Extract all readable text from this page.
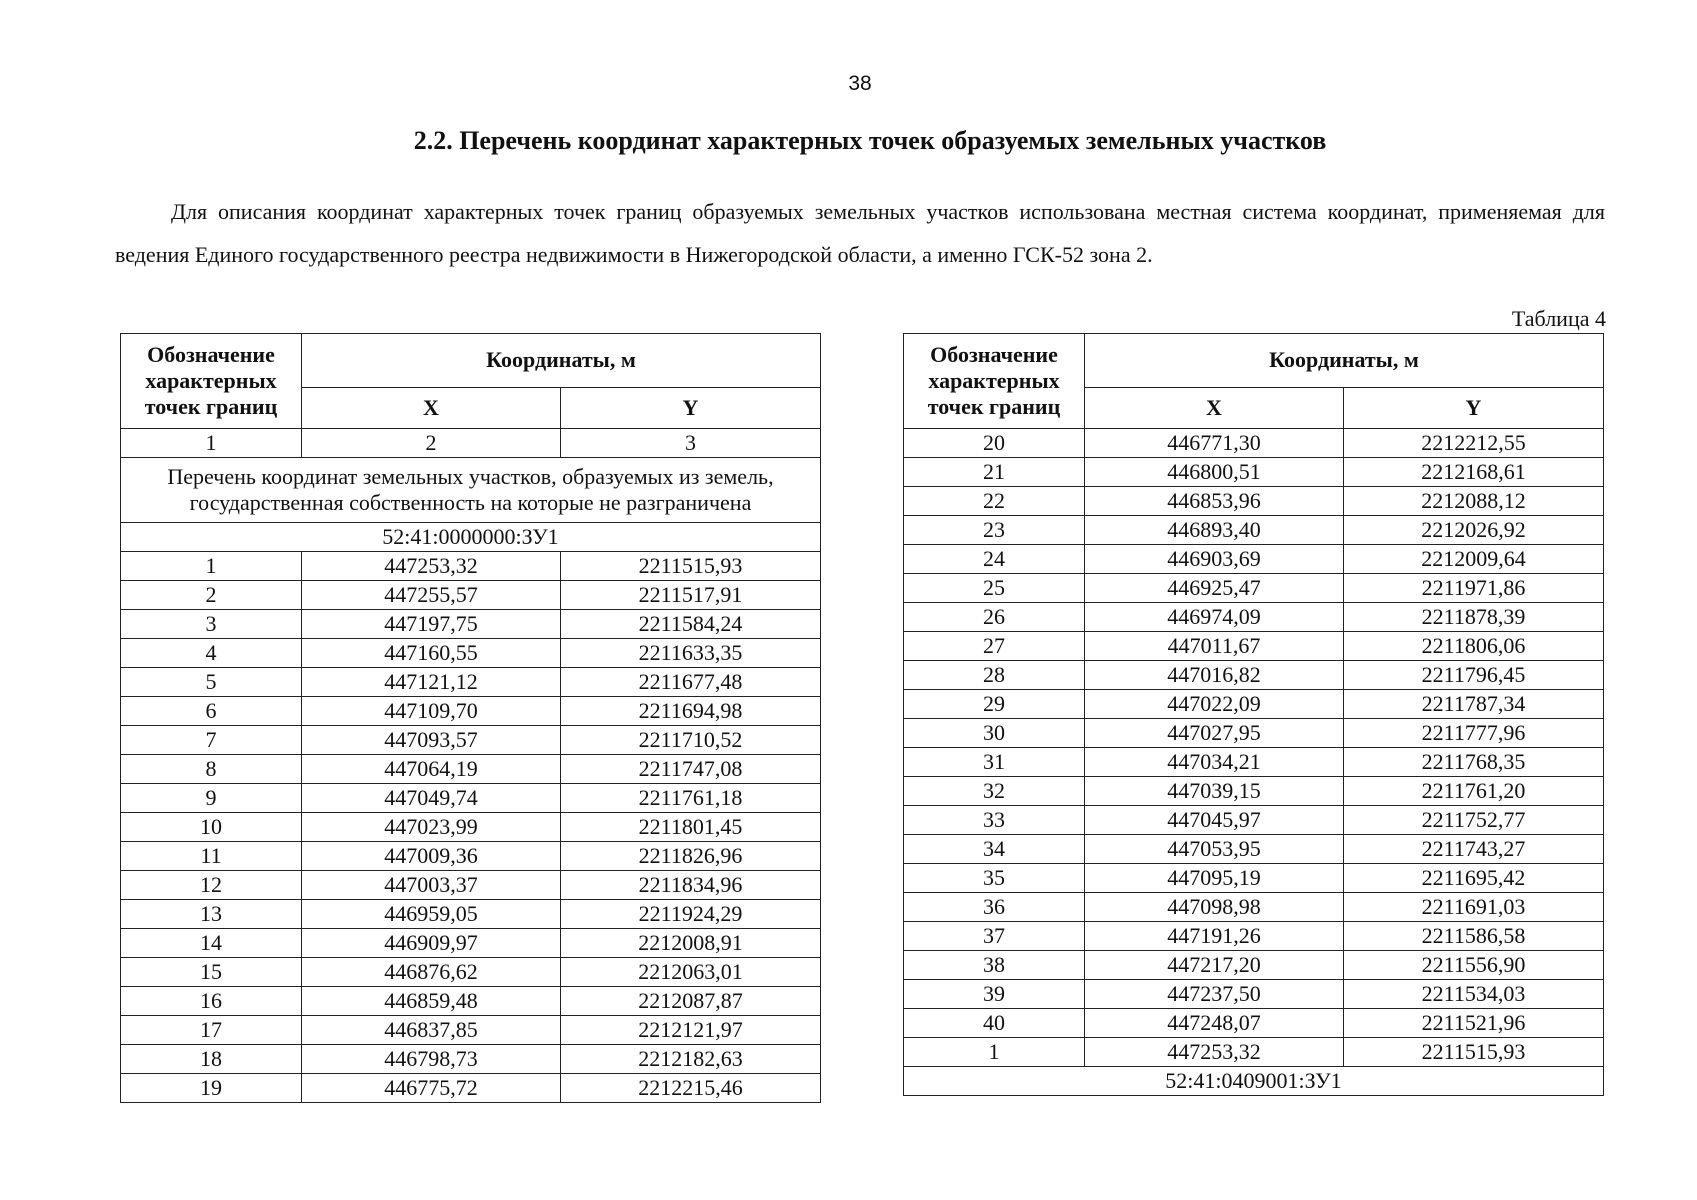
38
2.2. Перечень координат характерных точек образуемых земельных участков

Для описания координат характерных точек границ образуемых земельных участков использована местная система координат, применяемая для ведения Единого государственного реестра недвижимости в Нижегородской области, а именно ГСК-52 зона 2.

Таблица 4
Обозначение характерных точек границ	Координаты, м	
	X	Y
1	2	3
Перечень координат земельных участков, образуемых из земель, государственная собственность на которые не разграничена		
52:41:0000000:ЗУ1		
1	447253,32	2211515,93
2	447255,57	2211517,91
3	447197,75	2211584,24
4	447160,55	2211633,35
5	447121,12	2211677,48
6	447109,70	2211694,98
7	447093,57	2211710,52
8	447064,19	2211747,08
9	447049,74	2211761,18
10	447023,99	2211801,45
11	447009,36	2211826,96
12	447003,37	2211834,96
13	446959,05	2211924,29
14	446909,97	2212008,91
15	446876,62	2212063,01
16	446859,48	2212087,87
17	446837,85	2212121,97
18	446798,73	2212182,63
19	446775,72	2212215,46
Обозначение характерных точек границ	Координаты, м	
	X	Y
20	446771,30	2212212,55
21	446800,51	2212168,61
22	446853,96	2212088,12
23	446893,40	2212026,92
24	446903,69	2212009,64
25	446925,47	2211971,86
26	446974,09	2211878,39
27	447011,67	2211806,06
28	447016,82	2211796,45
29	447022,09	2211787,34
30	447027,95	2211777,96
31	447034,21	2211768,35
32	447039,15	2211761,20
33	447045,97	2211752,77
34	447053,95	2211743,27
35	447095,19	2211695,42
36	447098,98	2211691,03
37	447191,26	2211586,58
38	447217,20	2211556,90
39	447237,50	2211534,03
40	447248,07	2211521,96
1	447253,32	2211515,93
52:41:0409001:ЗУ1		
